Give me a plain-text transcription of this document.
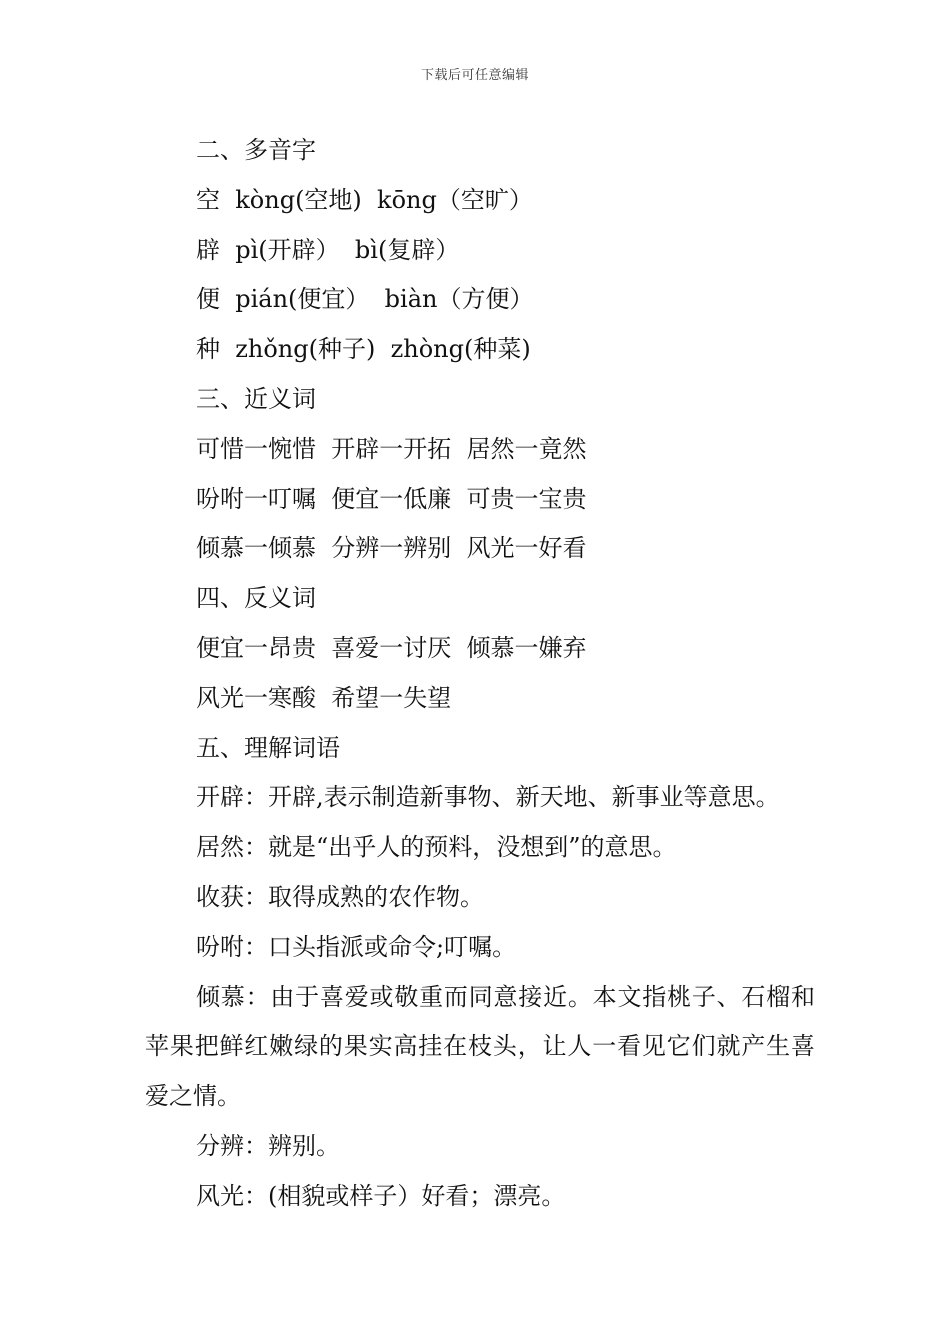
下载后可任意编辑
二、多音字
空  kòng(空地)  kōng（空旷）
辟  pì(开辟）  bì(复辟）
便  pián(便宜）  biàn（方便）
种  zhǒng(种子)  zhòng(种菜)
三、近义词
可惜一惋惜  开辟一开拓  居然一竟然
吩咐一叮嘱  便宜一低廉  可贵一宝贵
倾慕一倾慕  分辨一辨别  风光一好看
四、反义词
便宜一昂贵  喜爱一讨厌  倾慕一嫌弃
风光一寒酸  希望一失望
五、理解词语
开辟：开辟,表示制造新事物、新天地、新事业等意思。
居然：就是“出乎人的预料，没想到”的意思。
收获：取得成熟的农作物。
吩咐：口头指派或命令;叮嘱。

倾慕：由于喜爱或敬重而同意接近。本文指桃子、石榴和苹果把鲜红嫩绿的果实高挂在枝头，让人一看见它们就产生喜爱之情。

分辨：辨别。
风光：(相貌或样子）好看；漂亮。
